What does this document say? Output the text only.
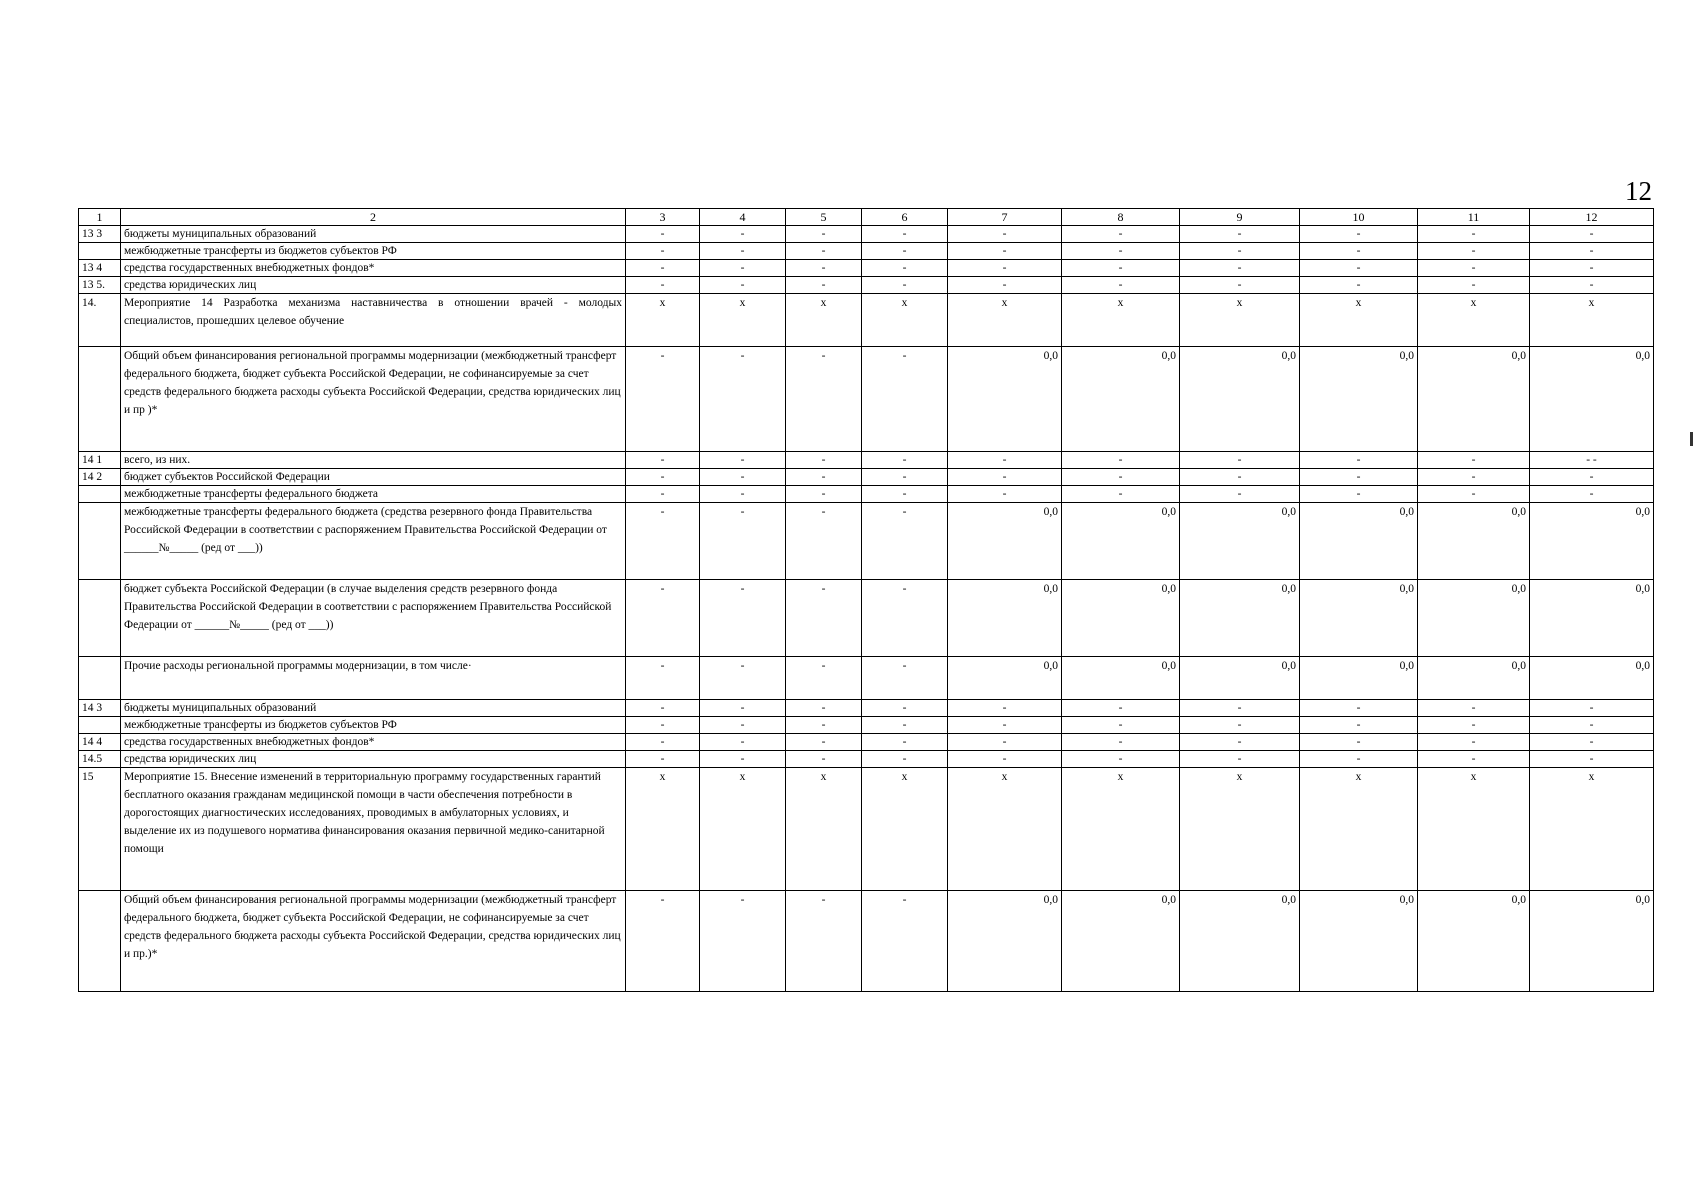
12
1	2	3	4	5	6	7	8	9	10	11	12
13 3	бюджеты муниципальных образований	-	-	-	-	-	-	-	-	-	-
	межбюджетные трансферты из бюджетов субъектов РФ	-	-	-	-	-	-	-	-	-	-
13 4	средства государственных внебюджетных фондов*	-	-	-	-	-	-	-	-	-	-
13 5.	средства юридических лиц	-	-	-	-	-	-	-	-	-	-
14.	Мероприятие 14 Разработка механизма наставничества в отношении врачей - молодых специалистов, прошедших целевое обучение	х	х	х	х	х	х	х	х	х	х
	Общий объем финансирования региональной программы модернизации (межбюджетный трансферт федерального бюджета, бюджет субъекта Российской Федерации, не софинансируемые за счет средств федерального бюджета расходы субъекта Российской Федерации, средства юридических лиц и пр )*	-	-	-	-	0,0	0,0	0,0	0,0	0,0	0,0
14 1	всего, из них.	-	-	-	-	-	-	-	-	-	- -
14 2	бюджет субъектов Российской Федерации	-	-	-	-	-	-	-	-	-	-
	межбюджетные трансферты федерального бюджета	-	-	-	-	-	-	-	-	-	-
	межбюджетные трансферты федерального бюджета (средства резервного фонда Правительства Российской Федерации в соответствии с распоряжением Правительства Российской Федерации от ______№_____ (ред от ___))	-	-	-	-	0,0	0,0	0,0	0,0	0,0	0,0
	бюджет субъекта Российской Федерации (в случае выделения средств резервного фонда Правительства Российской Федерации в соответствии с распоряжением Правительства Российской Федерации от ______№_____ (ред от ___))	-	-	-	-	0,0	0,0	0,0	0,0	0,0	0,0
	Прочие расходы региональной программы модернизации, в том числе·	-	-	-	-	0,0	0,0	0,0	0,0	0,0	0,0
14 3	бюджеты муниципальных образований	-	-	-	-	-	-	-	-	-	-
	межбюджетные трансферты из бюджетов субъектов РФ	-	-	-	-	-	-	-	-	-	-
14 4	средства государственных внебюджетных фондов*	-	-	-	-	-	-	-	-	-	-
14.5	средства юридических лиц	-	-	-	-	-	-	-	-	-	-
15	Мероприятие 15. Внесение изменений в территориальную программу государственных гарантий бесплатного оказания гражданам медицинской помощи в части обеспечения потребности в дорогостоящих диагностических исследованиях, проводимых в амбулаторных условиях, и выделение их из подушевого норматива финансирования оказания первичной медико-санитарной помощи	х	х	х	х	х	х	х	х	х	х
	Общий объем финансирования региональной программы модернизации (межбюджетный трансферт федерального бюджета, бюджет субъекта Российской Федерации, не софинансируемые за счет средств федерального бюджета расходы субъекта Российской Федерации, средства юридических лиц и пр.)*	-	-	-	-	0,0	0,0	0,0	0,0	0,0	0,0
